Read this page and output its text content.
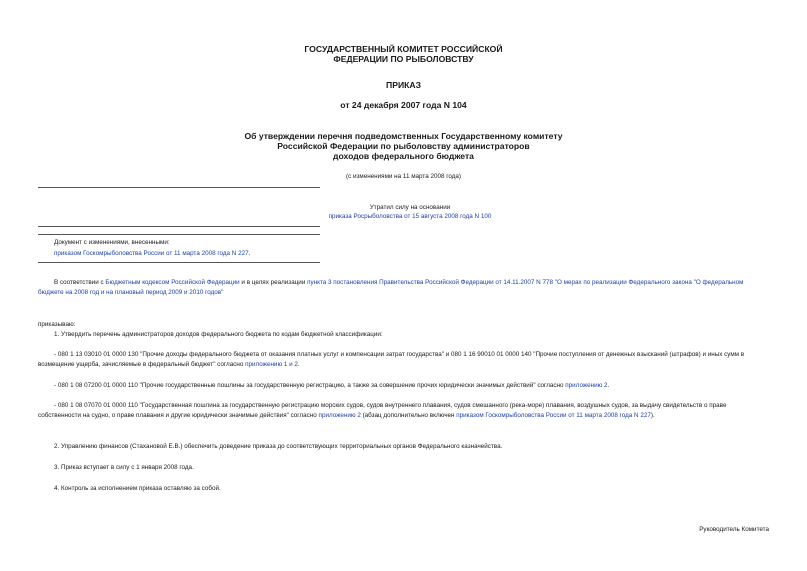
ГОСУДАРСТВЕННЫЙ КОМИТЕТ РОССИЙСКОЙ
ФЕДЕРАЦИИ ПО РЫБОЛОВСТВУ
ПРИКАЗ
от 24 декабря 2007 года N 104
Об утверждении перечня подведомственных Государственному комитету
Российской Федерации по рыболовству администраторов
доходов федерального бюджета
(с изменениями на 11 марта 2008 года)
Утратил силу на основании
приказа Росрыболовства от 15 августа 2008 года N 100
Документ с изменениями, внесенными:
приказом Госкомрыболовства России от 11 марта 2008 года N 227.
В соответствии с Бюджетным кодексом Российской Федерации и в целях реализации пункта 3 постановления Правительства Российской Федерации от 14.11.2007 N 778 "О мерах по реализации Федерального закона "О федеральном бюджете на 2008 год и на плановый период 2009 и 2010 годов"
приказываю:
1. Утвердить перечень администраторов доходов федерального бюджета по кодам бюджетной классификации:
- 080 1 13 03010 01 0000 130 "Прочие доходы федерального бюджета от оказания платных услуг и компенсации затрат государства" и 080 1 16 90010 01 0000 140 "Прочие поступления от денежных взысканий (штрафов) и иных сумм в возмещение ущерба, зачисляемые в федеральный бюджет" согласно приложению 1 и 2.
- 080 1 08 07200 01 0000 110 "Прочие государственные пошлины за государственную регистрацию, а также за совершение прочих юридически значимых действий" согласно приложению 2.
- 080 1 08 07070 01 0000 110 "Государственная пошлина за государственную регистрацию морских судов, судов внутреннего плавания, судов смешанного (река-море) плавания, воздушных судов, за выдачу свидетельств о праве собственности на судно, о праве плавания и другие юридически значимые действия" согласно приложению 2 (абзац дополнительно включен приказом Госкомрыболовства России от 11 марта 2008 года N 227).
2. Управлению финансов (Стахановой Е.В.) обеспечить доведение приказа до соответствующих территориальных органов Федерального казначейства.
3. Приказ вступает в силу с 1 января 2008 года.
4. Контроль за исполнением приказа оставляю за собой.
Руководитель Комитета
